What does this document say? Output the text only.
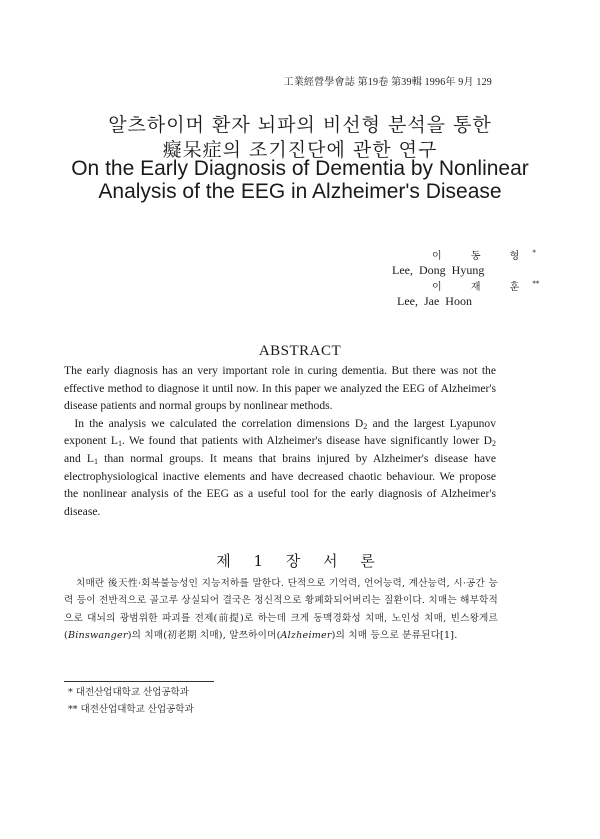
工業經營學會誌 第19卷 第39輯 1996年 9月 129
알츠하이머 환자 뇌파의 비선형 분석을 통한
癡呆症의 조기진단에 관한 연구
On the Early Diagnosis of Dementia by Nonlinear
Analysis of the EEG in Alzheimer's Disease
이 동 형*
Lee, Dong Hyung
이 재 훈**
Lee, Jae Hoon
ABSTRACT

The early diagnosis has an very important role in curing dementia. But there was not the effective method to diagnose it until now. In this paper we analyzed the EEG of Alzheimer's disease patients and normal groups by nonlinear methods.

In the analysis we calculated the correlation dimensions $D_2$ and the largest Lyapunov exponent $L_1$. We found that patients with Alzheimer's disease have significantly lower $D_2$ and $L_1$ than normal groups. It means that brains injured by Alzheimer's disease have electrophysiological inactive elements and have decreased chaotic behaviour. We propose the nonlinear analysis of the EEG as a useful tool for the early diagnosis of Alzheimer's disease.

제 1 장 서 론

치매란 後天性·회복불능성인 지능저하를 말한다. 단적으로 기억력, 언어능력, 계산능력, 시·공간 능력 등이 전반적으로 골고루 상실되어 결국은 정신적으로 황폐화되어버리는 질환이다. 치매는 해부학적으로 대뇌의 광범위한 파괴를 전제(前提)로 하는데 크게 동맥경화성 치매, 노인성 치매, 빈스왕게르(Binswanger)의 치매(初老期 치매), 알쯔하이머(Alzheimer)의 치매 등으로 분류된다[1].

* 대전산업대학교 산업공학과
** 대전산업대학교 산업공학과
